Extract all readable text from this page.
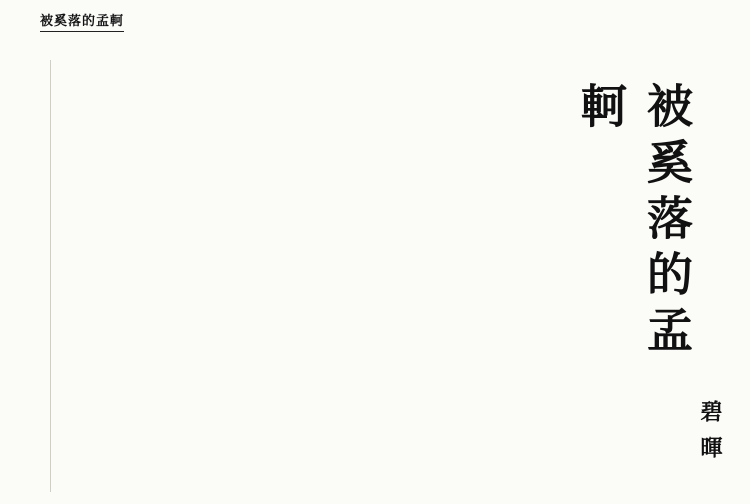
被奚落的孟軻
被奚落的孟軻
碧暉
